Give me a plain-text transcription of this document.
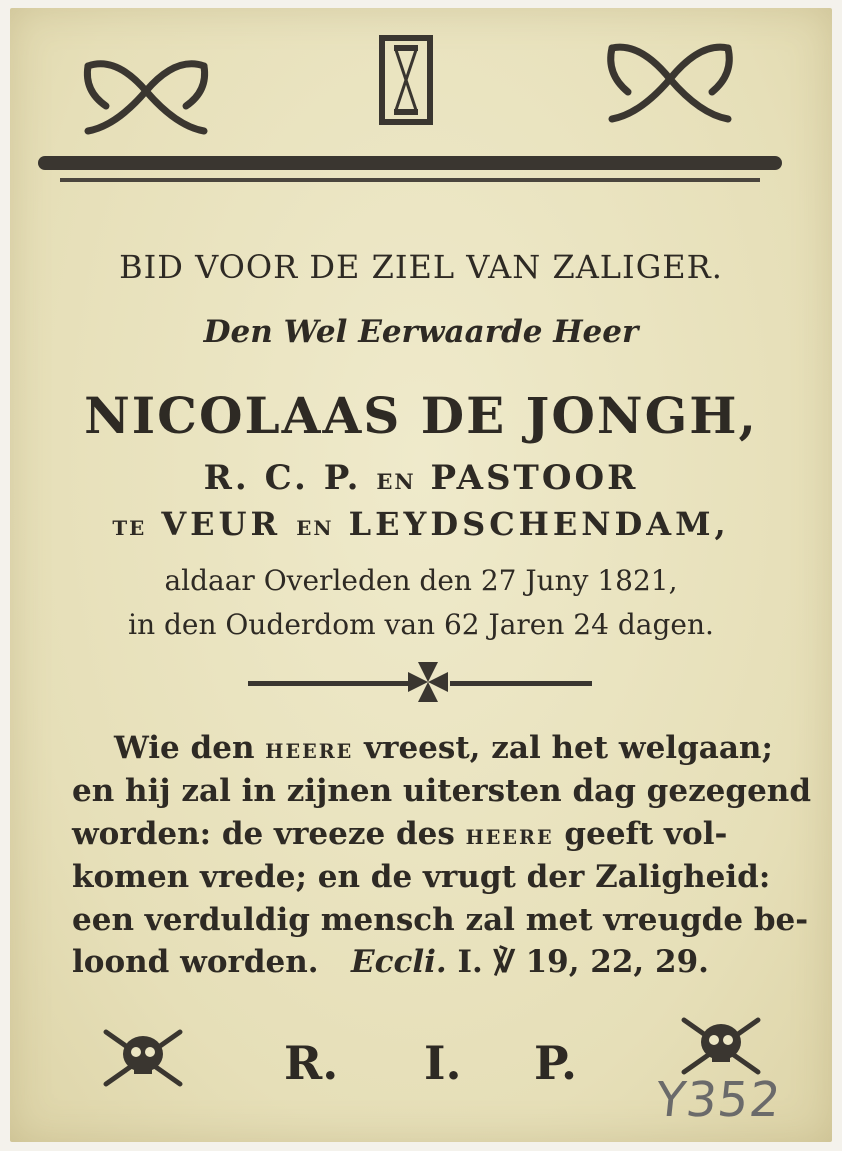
BID VOOR DE ZIEL VAN ZALIGER.
Den Wel Eerwaarde Heer
NICOLAAS DE JONGH,
R. C. P. EN PASTOOR
TE VEUR EN LEYDSCHENDAM,
aldaar Overleden den 27 Juny 1821,
in den Ouderdom van 62 Jaren 24 dagen.
Wie den HEERE vreest, zal het welgaan;
en hij zal in zijnen uitersten dag gezegend
worden: de vreeze des HEERE geeft vol-
komen vrede; en de vrugt der Zaligheid:
een verduldig mensch zal met vreugde be-
loond worden. Eccli. I. ℣ 19, 22, 29.
R. I. P.
Y352
